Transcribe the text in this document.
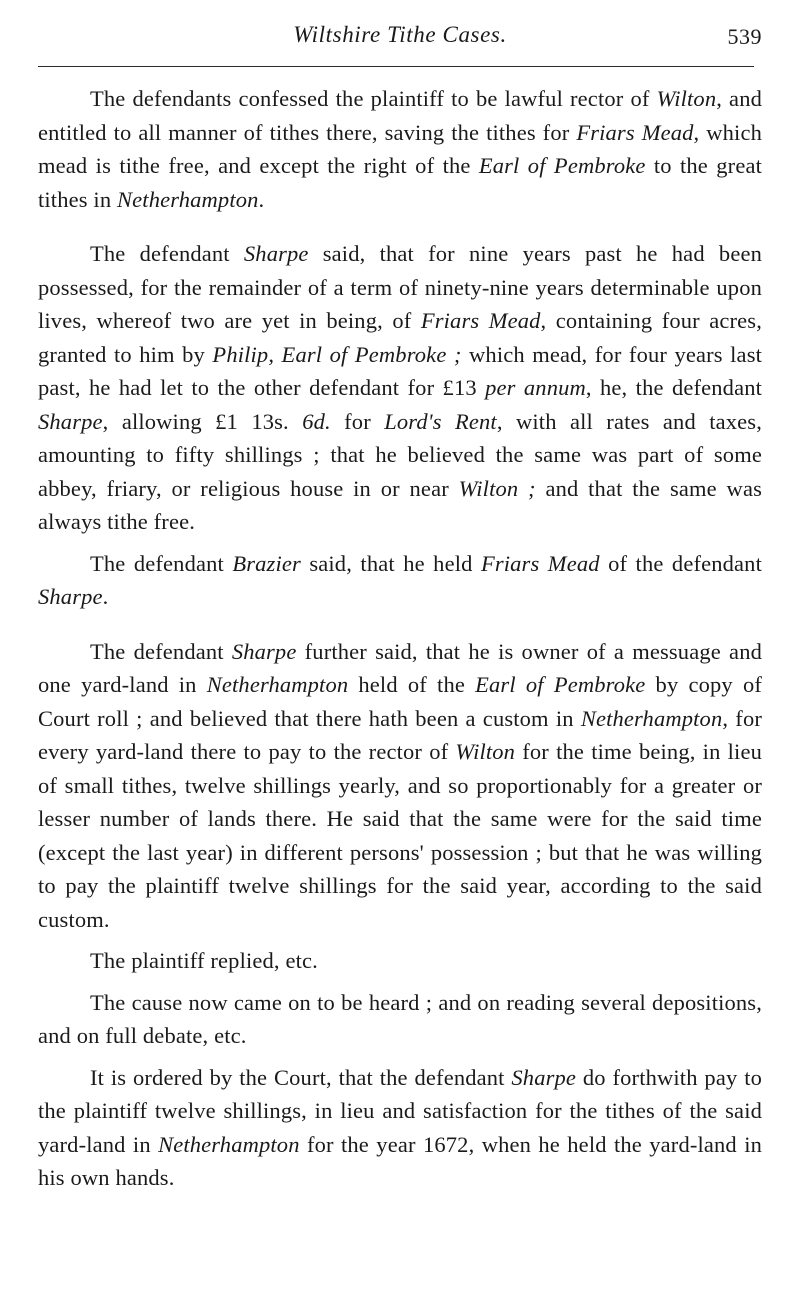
Wiltshire Tithe Cases.	539

The defendants confessed the plaintiff to be lawful rector of Wilton, and entitled to all manner of tithes there, saving the tithes for Friars Mead, which mead is tithe free, and except the right of the Earl of Pembroke to the great tithes in Netherhampton.

The defendant Sharpe said, that for nine years past he had been possessed, for the remainder of a term of ninety-nine years determinable upon lives, whereof two are yet in being, of Friars Mead, containing four acres, granted to him by Philip, Earl of Pembroke ; which mead, for four years last past, he had let to the other defendant for £13 per annum, he, the defendant Sharpe, allowing £1 13s. 6d. for Lord's Rent, with all rates and taxes, amounting to fifty shillings ; that he believed the same was part of some abbey, friary, or religious house in or near Wilton ; and that the same was always tithe free.

The defendant Brazier said, that he held Friars Mead of the defendant Sharpe.

The defendant Sharpe further said, that he is owner of a messuage and one yard-land in Netherhampton held of the Earl of Pembroke by copy of Court roll ; and believed that there hath been a custom in Netherhampton, for every yard-land there to pay to the rector of Wilton for the time being, in lieu of small tithes, twelve shillings yearly, and so proportionably for a greater or lesser number of lands there. He said that the same were for the said time (except the last year) in different persons' possession ; but that he was willing to pay the plaintiff twelve shillings for the said year, according to the said custom.

The plaintiff replied, etc.

The cause now came on to be heard ; and on reading several depositions, and on full debate, etc.

It is ordered by the Court, that the defendant Sharpe do forthwith pay to the plaintiff twelve shillings, in lieu and satisfaction for the tithes of the said yard-land in Netherhampton for the year 1672, when he held the yard-land in his own hands.
